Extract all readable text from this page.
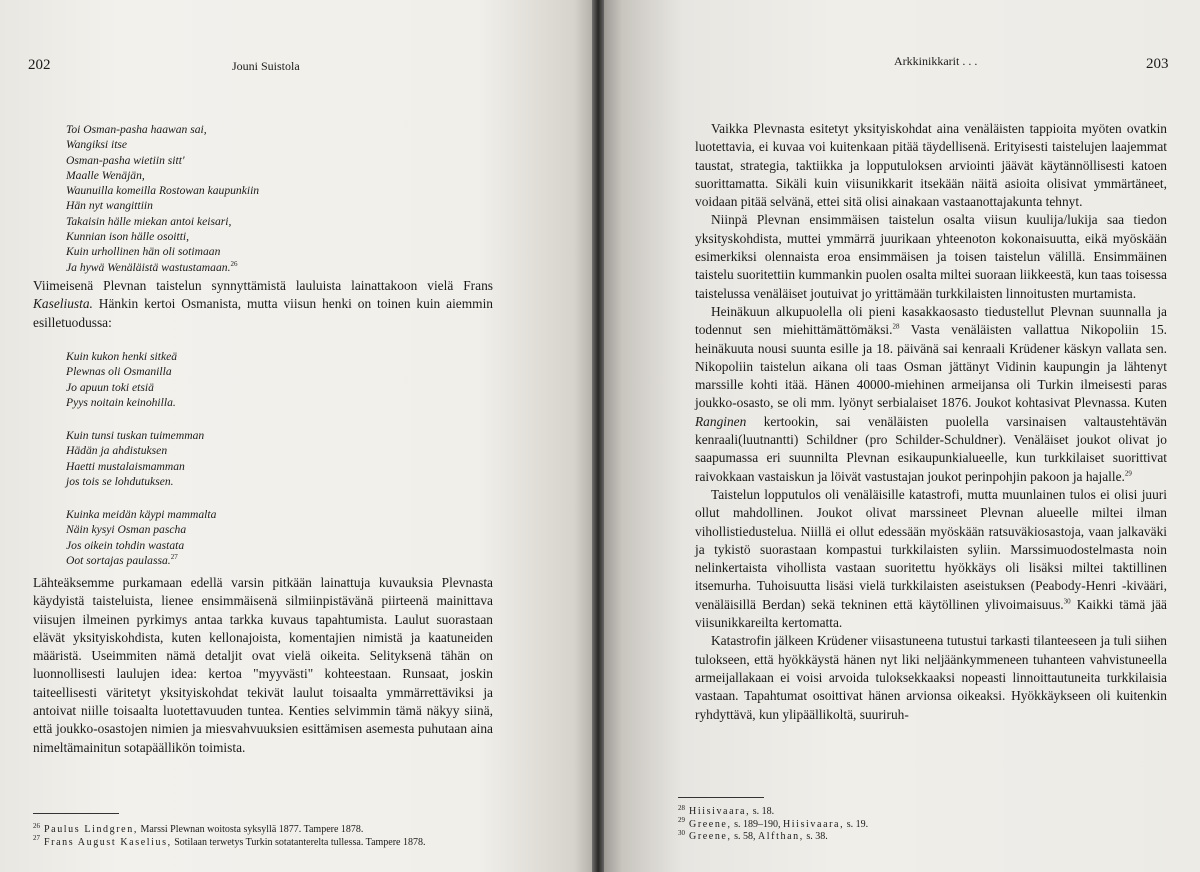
202	Jouni Suistola

Toi Osman-pasha haawan sai,

Wangiksi itse

Osman-pasha wietiin sitt'

Maalle Wenäjän,

Waunuilla komeilla Rostowan kaupunkiin

Hän nyt wangittiin

Takaisin hälle miekan antoi keisari,

Kunnian ison hälle osoitti,

Kuin urhollinen hän oli sotimaan

Ja hywä Wenäläistä wastustamaan.$^{26}$

Viimeisenä Plevnan taistelun synnyttämistä lauluista lainattakoon vielä Frans Kaseliusta. Hänkin kertoi Osmanista, mutta viisun henki on toinen kuin aiemmin esilletuodussa:

Kuin kukon henki sitkeä

Plewnas oli Osmanilla

Jo apuun toki etsiä

Pyys noitain keinohilla.

Kuin tunsi tuskan tuimemman

Hädän ja ahdistuksen

Haetti mustalaismamman

jos tois se lohdutuksen.

Kuinka meidän käypi mammalta

Näin kysyi Osman pascha

Jos oikein tohdin wastata

Oot sortajas paulassa.$^{27}$

Lähteäksemme purkamaan edellä varsin pitkään lainattuja kuvauksia Plevnasta käydyistä taisteluista, lienee ensimmäisenä silmiinpistävänä piirteenä mainittava viisujen ilmeinen pyrkimys antaa tarkka kuvaus tapahtumista. Laulut suorastaan elävät yksityiskohdista, kuten kellonajoista, komentajien nimistä ja kaatuneiden määristä. Useimmiten nämä detaljit ovat vielä oikeita. Selityksenä tähän on luonnollisesti laulujen idea: kertoa "myyvästi" kohteestaan. Runsaat, joskin taiteellisesti väritetyt yksityiskohdat tekivät laulut toisaalta ymmärrettäviksi ja antoivat niille toisaalta luotettavuuden tuntea. Kenties selvimmin tämä näkyy siinä, että joukko-osastojen nimien ja miesvahvuuksien esittämisen asemesta puhutaan aina nimeltämainitun sotapäällikön toimista.

$^{26}$ Paulus Lindgren, Marssi Plewnan woitosta syksyllä 1877. Tampere 1878.

$^{27}$ Frans August Kaselius, Sotilaan terwetys Turkin sotatanterelta tullessa. Tampere 1878.

Arkkinikkarit . . .	203

Vaikka Plevnasta esitetyt yksityiskohdat aina venäläisten tappioita myöten ovatkin luotettavia, ei kuvaa voi kuitenkaan pitää täydellisenä. Erityisesti taistelujen laajemmat taustat, strategia, taktiikka ja lopputuloksen arviointi jäävät käytännöllisesti katoen suorittamatta. Sikäli kuin viisunikkarit itsekään näitä asioita olisivat ymmärtäneet, voidaan pitää selvänä, ettei sitä olisi ainakaan vastaanottajakunta tehnyt.

Niinpä Plevnan ensimmäisen taistelun osalta viisun kuulija/lukija saa tiedon yksityskohdista, muttei ymmärrä juurikaan yhteenoton kokonaisuutta, eikä myöskään esimerkiksi olennaista eroa ensimmäisen ja toisen taistelun välillä. Ensimmäinen taistelu suoritettiin kummankin puolen osalta miltei suoraan liikkeestä, kun taas toisessa taistelussa venäläiset joutuivat jo yrittämään turkkilaisten linnoitusten murtamista.

Heinäkuun alkupuolella oli pieni kasakkaosasto tiedustellut Plevnan suunnalla ja todennut sen miehittämättömäksi.$^{28}$ Vasta venäläisten vallattua Nikopoliin 15. heinäkuuta nousi suunta esille ja 18. päivänä sai kenraali Krüdener käskyn vallata sen. Nikopoliin taistelun aikana oli taas Osman jättänyt Vidinin kaupungin ja lähtenyt marssille kohti itää. Hänen 40000-miehinen armeijansa oli Turkin ilmeisesti paras joukko-osasto, se oli mm. lyönyt serbialaiset 1876. Joukot kohtasivat Plevnassa. Kuten Ranginen kertookin, sai venäläisten puolella varsinaisen valtaustehtävän kenraali(luutnantti) Schildner (pro Schilder-Schuldner). Venäläiset joukot olivat jo saapumassa eri suunnilta Plevnan esikaupunkialueelle, kun turkkilaiset suorittivat raivokkaan vastaiskun ja löivät vastustajan joukot perinpohjin pakoon ja hajalle.$^{29}$

Taistelun lopputulos oli venäläisille katastrofi, mutta muunlainen tulos ei olisi juuri ollut mahdollinen. Joukot olivat marssineet Plevnan alueelle miltei ilman vihollistiedustelua. Niillä ei ollut edessään myöskään ratsuväkiosastoja, vaan jalkaväki ja tykistö suorastaan kompastui turkkilaisten syliin. Marssimuodostelmasta noin nelinkertaista vihollista vastaan suoritettu hyökkäys oli lisäksi miltei taktillinen itsemurha. Tuhoisuutta lisäsi vielä turkkilaisten aseistuksen (Peabody-Henri -kivääri, venäläisillä Berdan) sekä tekninen että käytöllinen ylivoimaisuus.$^{30}$ Kaikki tämä jää viisunikkareilta kertomatta.

Katastrofin jälkeen Krüdener viisastuneena tutustui tarkasti tilanteeseen ja tuli siihen tulokseen, että hyökkäystä hänen nyt liki neljäänkymmeneen tuhanteen vahvistuneella armeijallakaan ei voisi arvoida tuloksekkaaksi nopeasti linnoittautuneita turkkilaisia vastaan. Tapahtumat osoittivat hänen arvionsa oikeaksi. Hyökkäykseen oli kuitenkin ryhdyttävä, kun ylipäällikoltä, suuriruh-

$^{28}$ Hiisivaara, s. 18.

$^{29}$ Greene, s. 189–190, Hiisivaara, s. 19.

$^{30}$ Greene, s. 58, Alfthan, s. 38.
